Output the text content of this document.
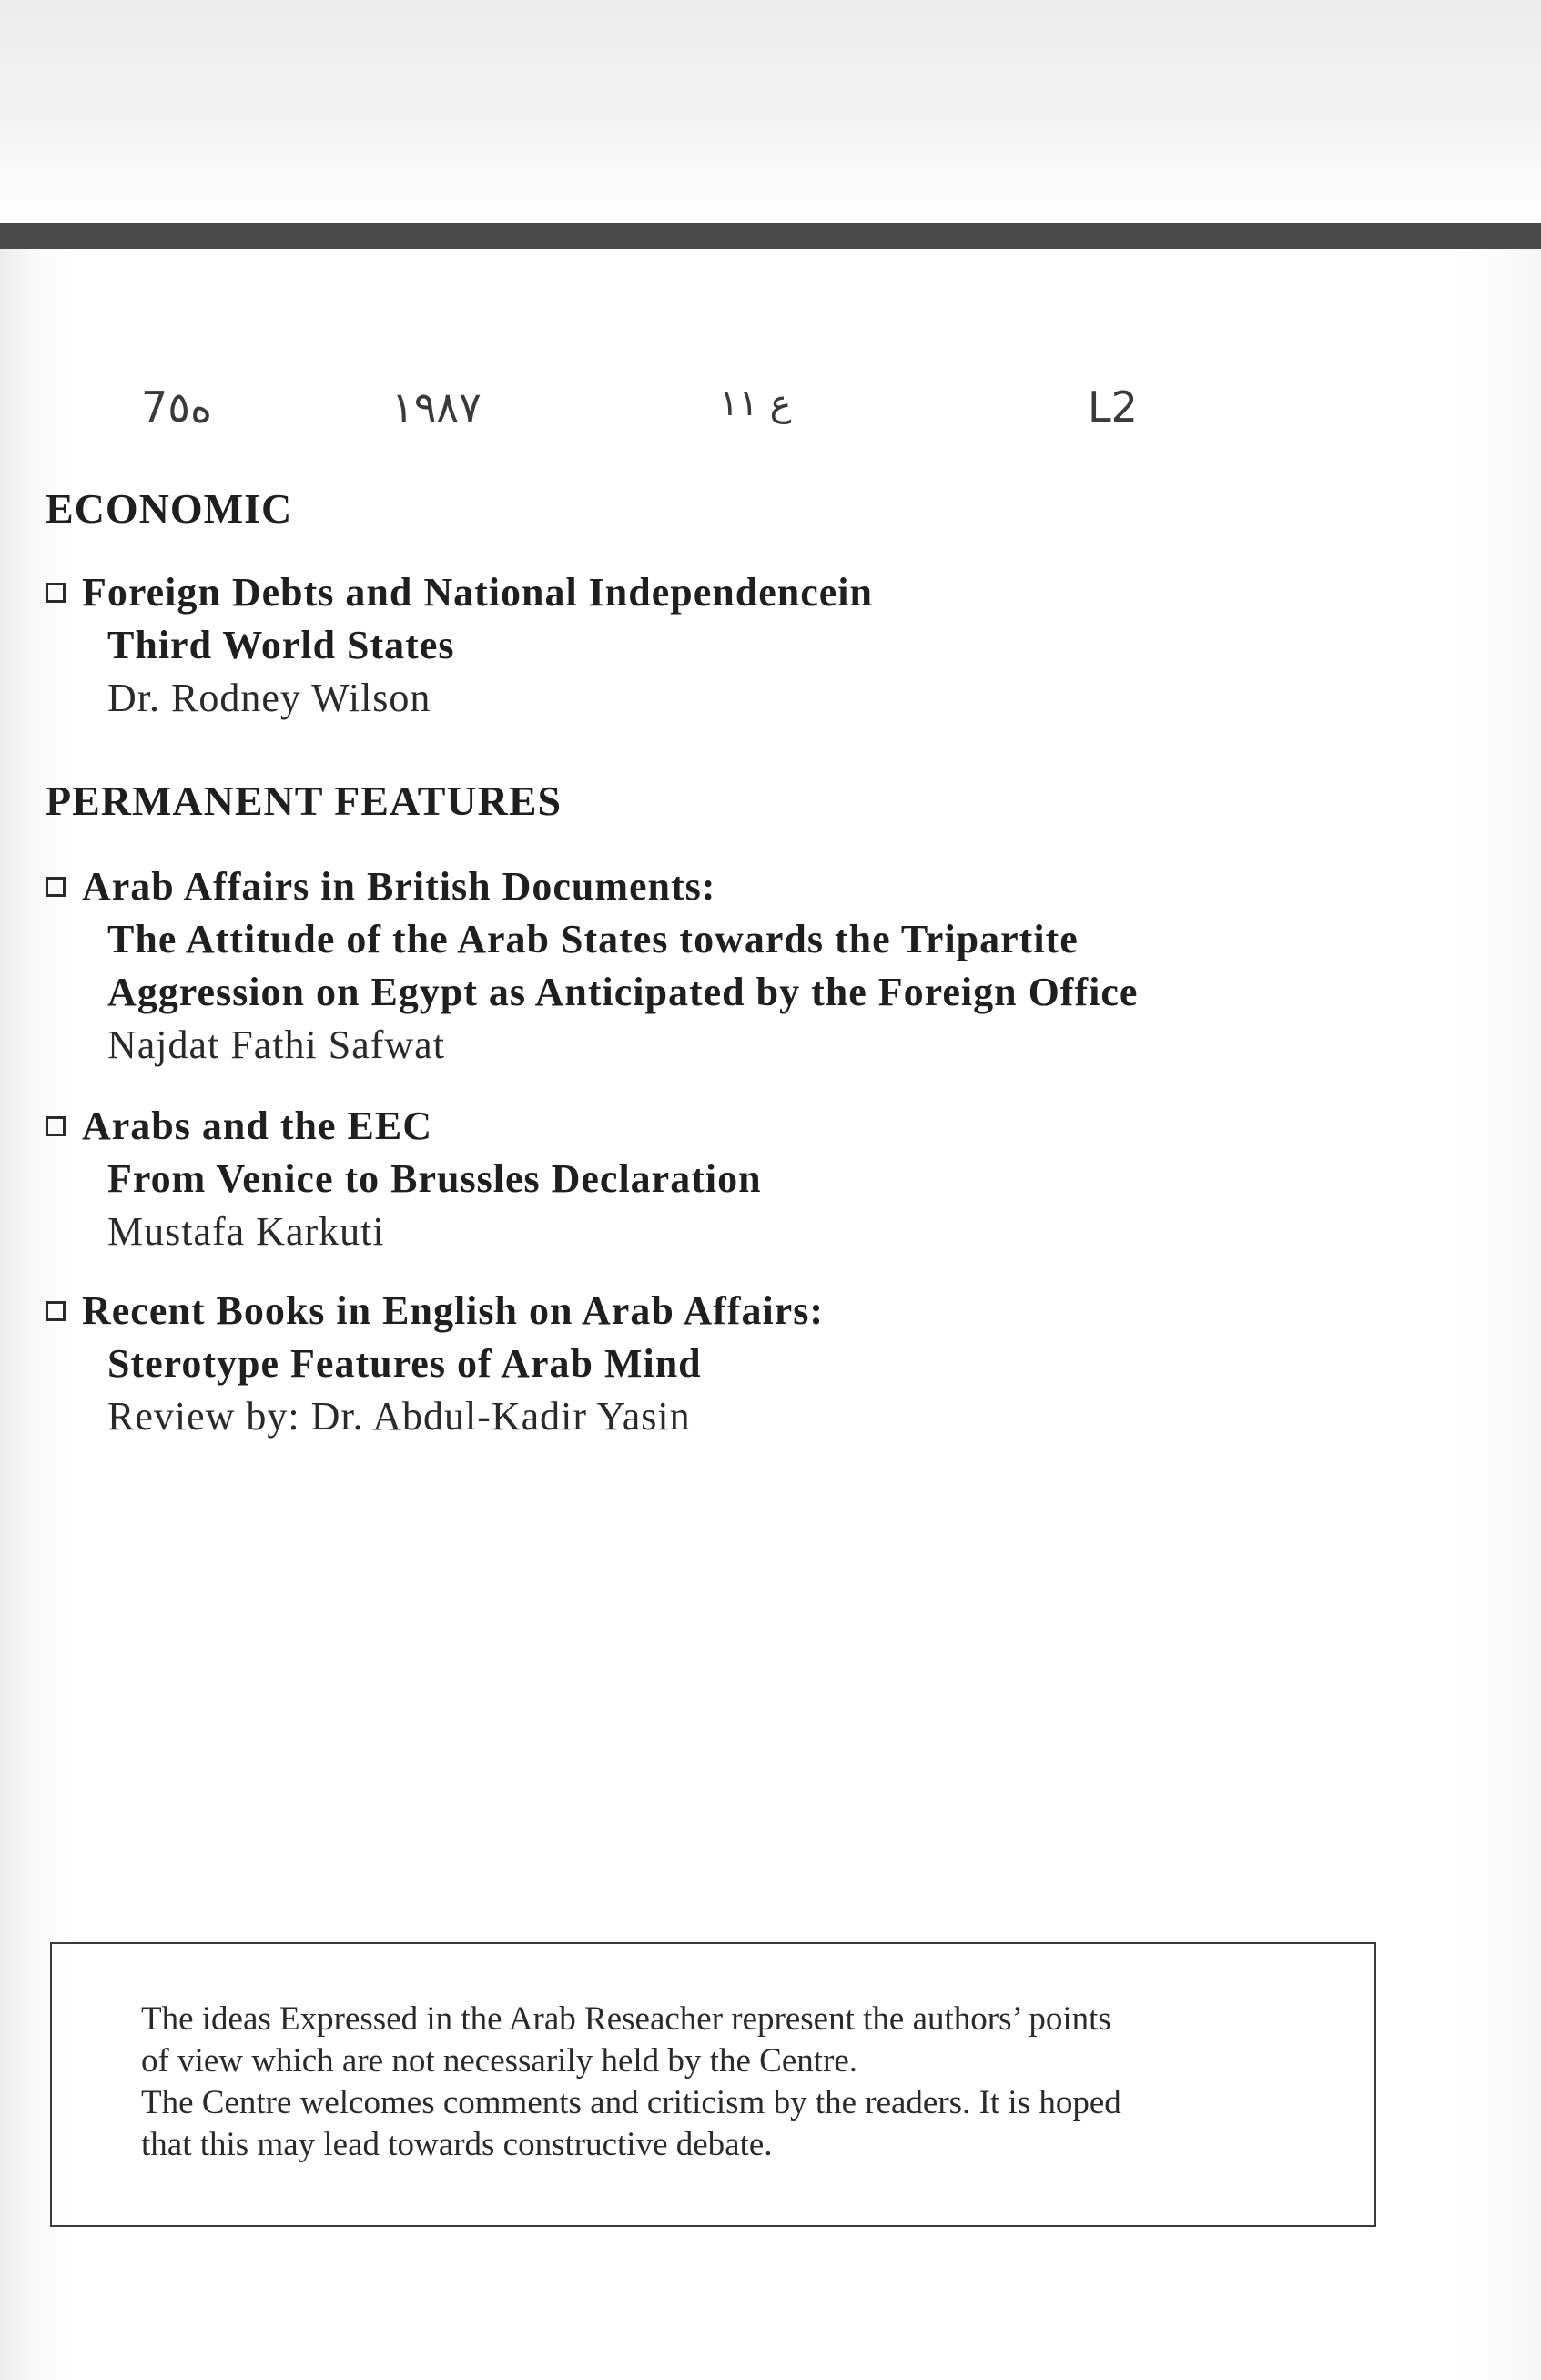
7ه٥	١٩٨٧	ع ١١	L2
ECONOMIC
Foreign Debts and National Independencein
Third World States
Dr. Rodney Wilson
PERMANENT FEATURES
Arab Affairs in British Documents:
The Attitude of the Arab States towards the Tripartite
Aggression on Egypt as Anticipated by the Foreign Office
Najdat Fathi Safwat
Arabs and the EEC
From Venice to Brussles Declaration
Mustafa Karkuti
Recent Books in English on Arab Affairs:
Sterotype Features of Arab Mind
Review by: Dr. Abdul-Kadir Yasin

The ideas Expressed in the Arab Reseacher represent the authors’ points

of view which are not necessarily held by the Centre.

The Centre welcomes comments and criticism by the readers. It is hoped

that this may lead towards constructive debate.
